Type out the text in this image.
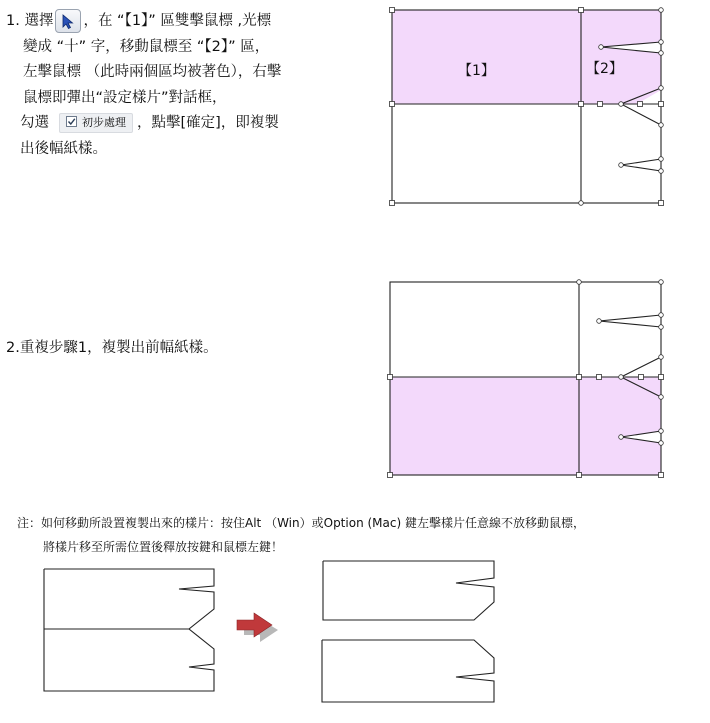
1. 選擇 ，在 “【1】” 區雙擊鼠標 ,光標
變成 “十” 字，移動鼠標至 “【2】” 區，
左擊鼠標 （此時兩個區均被著色），右擊
鼠標即彈出“設定樣片”對話框，
勾選	初步處理 ，點擊[確定]，即複製
出後幅紙樣。
【1】	【2】
2.重複步驟1，複製出前幅紙樣。
注：如何移動所設置複製出來的樣片：按住Alt （Win）或Option (Mac) 鍵左擊樣片任意線不放移動鼠標，
將樣片移至所需位置後釋放按鍵和鼠標左鍵！
